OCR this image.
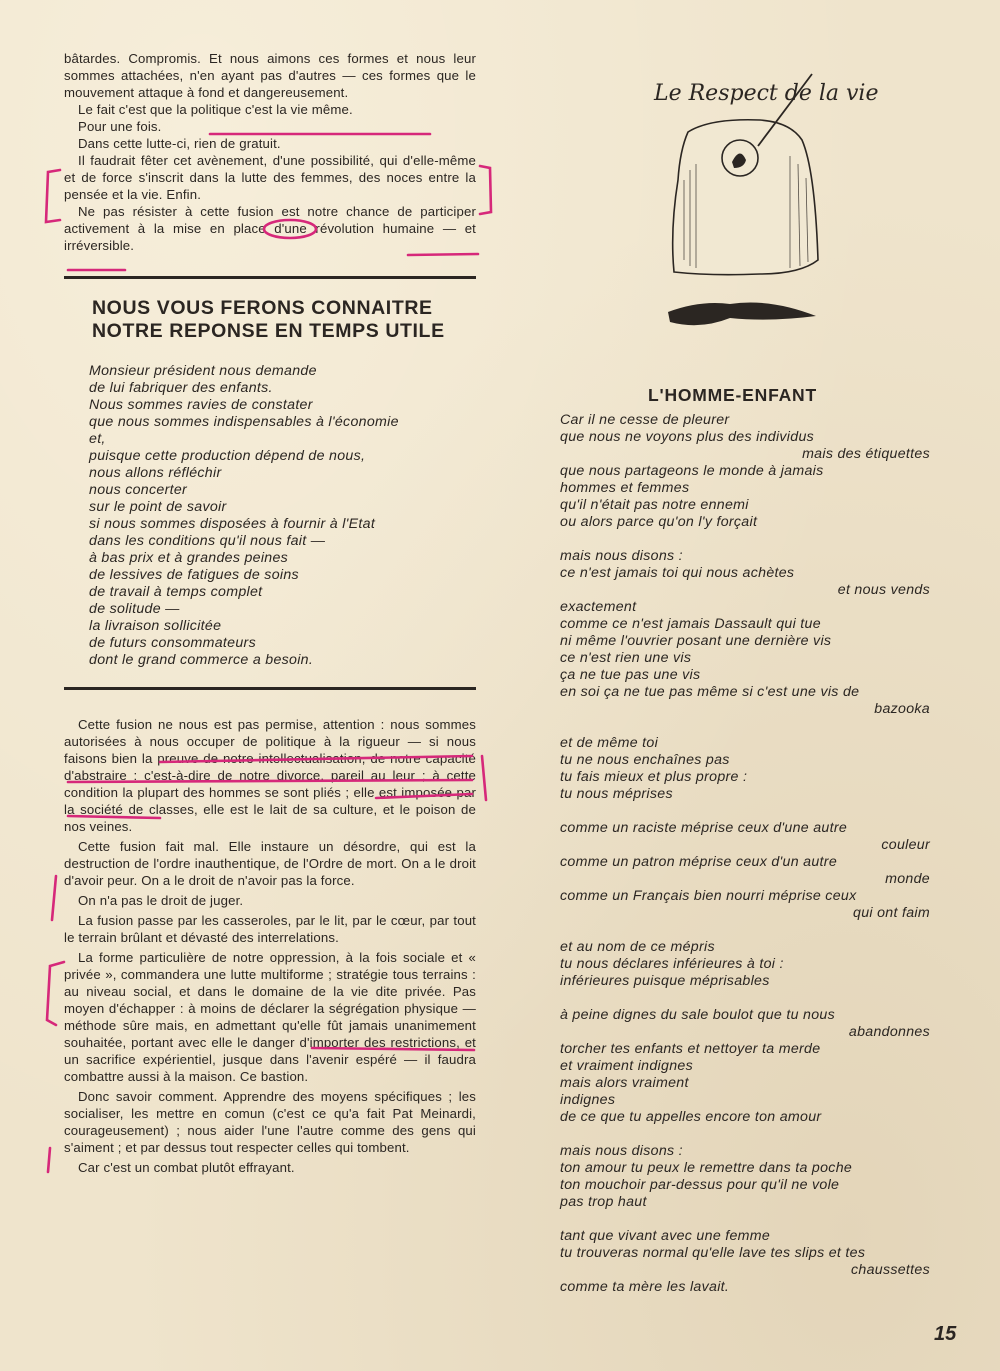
bâtardes. Compromis. Et nous aimons ces formes et nous leur sommes attachées, n'en ayant pas d'autres — ces formes que le mouvement attaque à fond et dangereusement.

Le fait c'est que la politique c'est la vie même.

Pour une fois.

Dans cette lutte-ci, rien de gratuit.

Il faudrait fêter cet avènement, d'une possibilité, qui d'elle-même et de force s'inscrit dans la lutte des femmes, des noces entre la pensée et la vie. Enfin.

Ne pas résister à cette fusion est notre chance de participer activement à la mise en place d'une révolution humaine — et irréversible.

NOUS VOUS FERONS CONNAITRE
NOTRE REPONSE EN TEMPS UTILE
Monsieur président nous demande
de lui fabriquer des enfants.
Nous sommes ravies de constater
que nous sommes indispensables à l'économie
et,
puisque cette production dépend de nous,
nous allons réfléchir
nous concerter
sur le point de savoir
si nous sommes disposées à fournir à l'Etat
dans les conditions qu'il nous fait —
à bas prix et à grandes peines
de lessives de fatigues de soins
de travail à temps complet
de solitude —
la livraison sollicitée
de futurs consommateurs
dont le grand commerce a besoin.

Cette fusion ne nous est pas permise, attention : nous sommes autorisées à nous occuper de politique à la rigueur — si nous faisons bien la preuve de notre intellectualisation, de notre capacité d'abstraire : c'est-à-dire de notre divorce, pareil au leur ; à cette condition la plupart des hommes se sont pliés ; elle est imposée par la société de classes, elle est le lait de sa culture, et le poison de nos veines.

Cette fusion fait mal. Elle instaure un désordre, qui est la destruction de l'ordre inauthentique, de l'Ordre de mort. On a le droit d'avoir peur. On a le droit de n'avoir pas la force.

On n'a pas le droit de juger.

La fusion passe par les casseroles, par le lit, par le cœur, par tout le terrain brûlant et dévasté des interrelations.

La forme particulière de notre oppression, à la fois sociale et « privée », commandera une lutte multiforme ; stratégie tous terrains : au niveau social, et dans le domaine de la vie dite privée. Pas moyen d'échapper : à moins de déclarer la ségrégation physique — méthode sûre mais, en admettant qu'elle fût jamais unanimement souhaitée, portant avec elle le danger d'importer des restrictions, et un sacrifice expérientiel, jusque dans l'avenir espéré — il faudra combattre aussi à la maison. Ce bastion.

Donc savoir comment. Apprendre des moyens spécifiques ; les socialiser, les mettre en comun (c'est ce qu'a fait Pat Meinardi, courageusement) ; nous aider l'une l'autre comme des gens qui s'aiment ; et par dessus tout respecter celles qui tombent.

Car c'est un combat plutôt effrayant.

Le Respect de la vie
L'HOMME-ENFANT
Car il ne cesse de pleurer
que nous ne voyons plus des individus
mais des étiquettes
que nous partageons le monde à jamais
hommes et femmes
qu'il n'était pas notre ennemi
ou alors parce qu'on l'y forçait
mais nous disons :
ce n'est jamais toi qui nous achètes
et nous vends
exactement
comme ce n'est jamais Dassault qui tue
ni même l'ouvrier posant une dernière vis
ce n'est rien une vis
ça ne tue pas une vis
en soi ça ne tue pas même si c'est une vis de
bazooka
et de même toi
tu ne nous enchaînes pas
tu fais mieux et plus propre :
tu nous méprises
comme un raciste méprise ceux d'une autre
couleur
comme un patron méprise ceux d'un autre
monde
comme un Français bien nourri méprise ceux
qui ont faim
et au nom de ce mépris
tu nous déclares inférieures à toi :
inférieures puisque méprisables
à peine dignes du sale boulot que tu nous
abandonnes
torcher tes enfants et nettoyer ta merde
et vraiment indignes
mais alors vraiment
indignes
de ce que tu appelles encore ton amour
mais nous disons :
ton amour tu peux le remettre dans ta poche
ton mouchoir par-dessus pour qu'il ne vole
pas trop haut
tant que vivant avec une femme
tu trouveras normal qu'elle lave tes slips et tes
chaussettes
comme ta mère les lavait.
15
